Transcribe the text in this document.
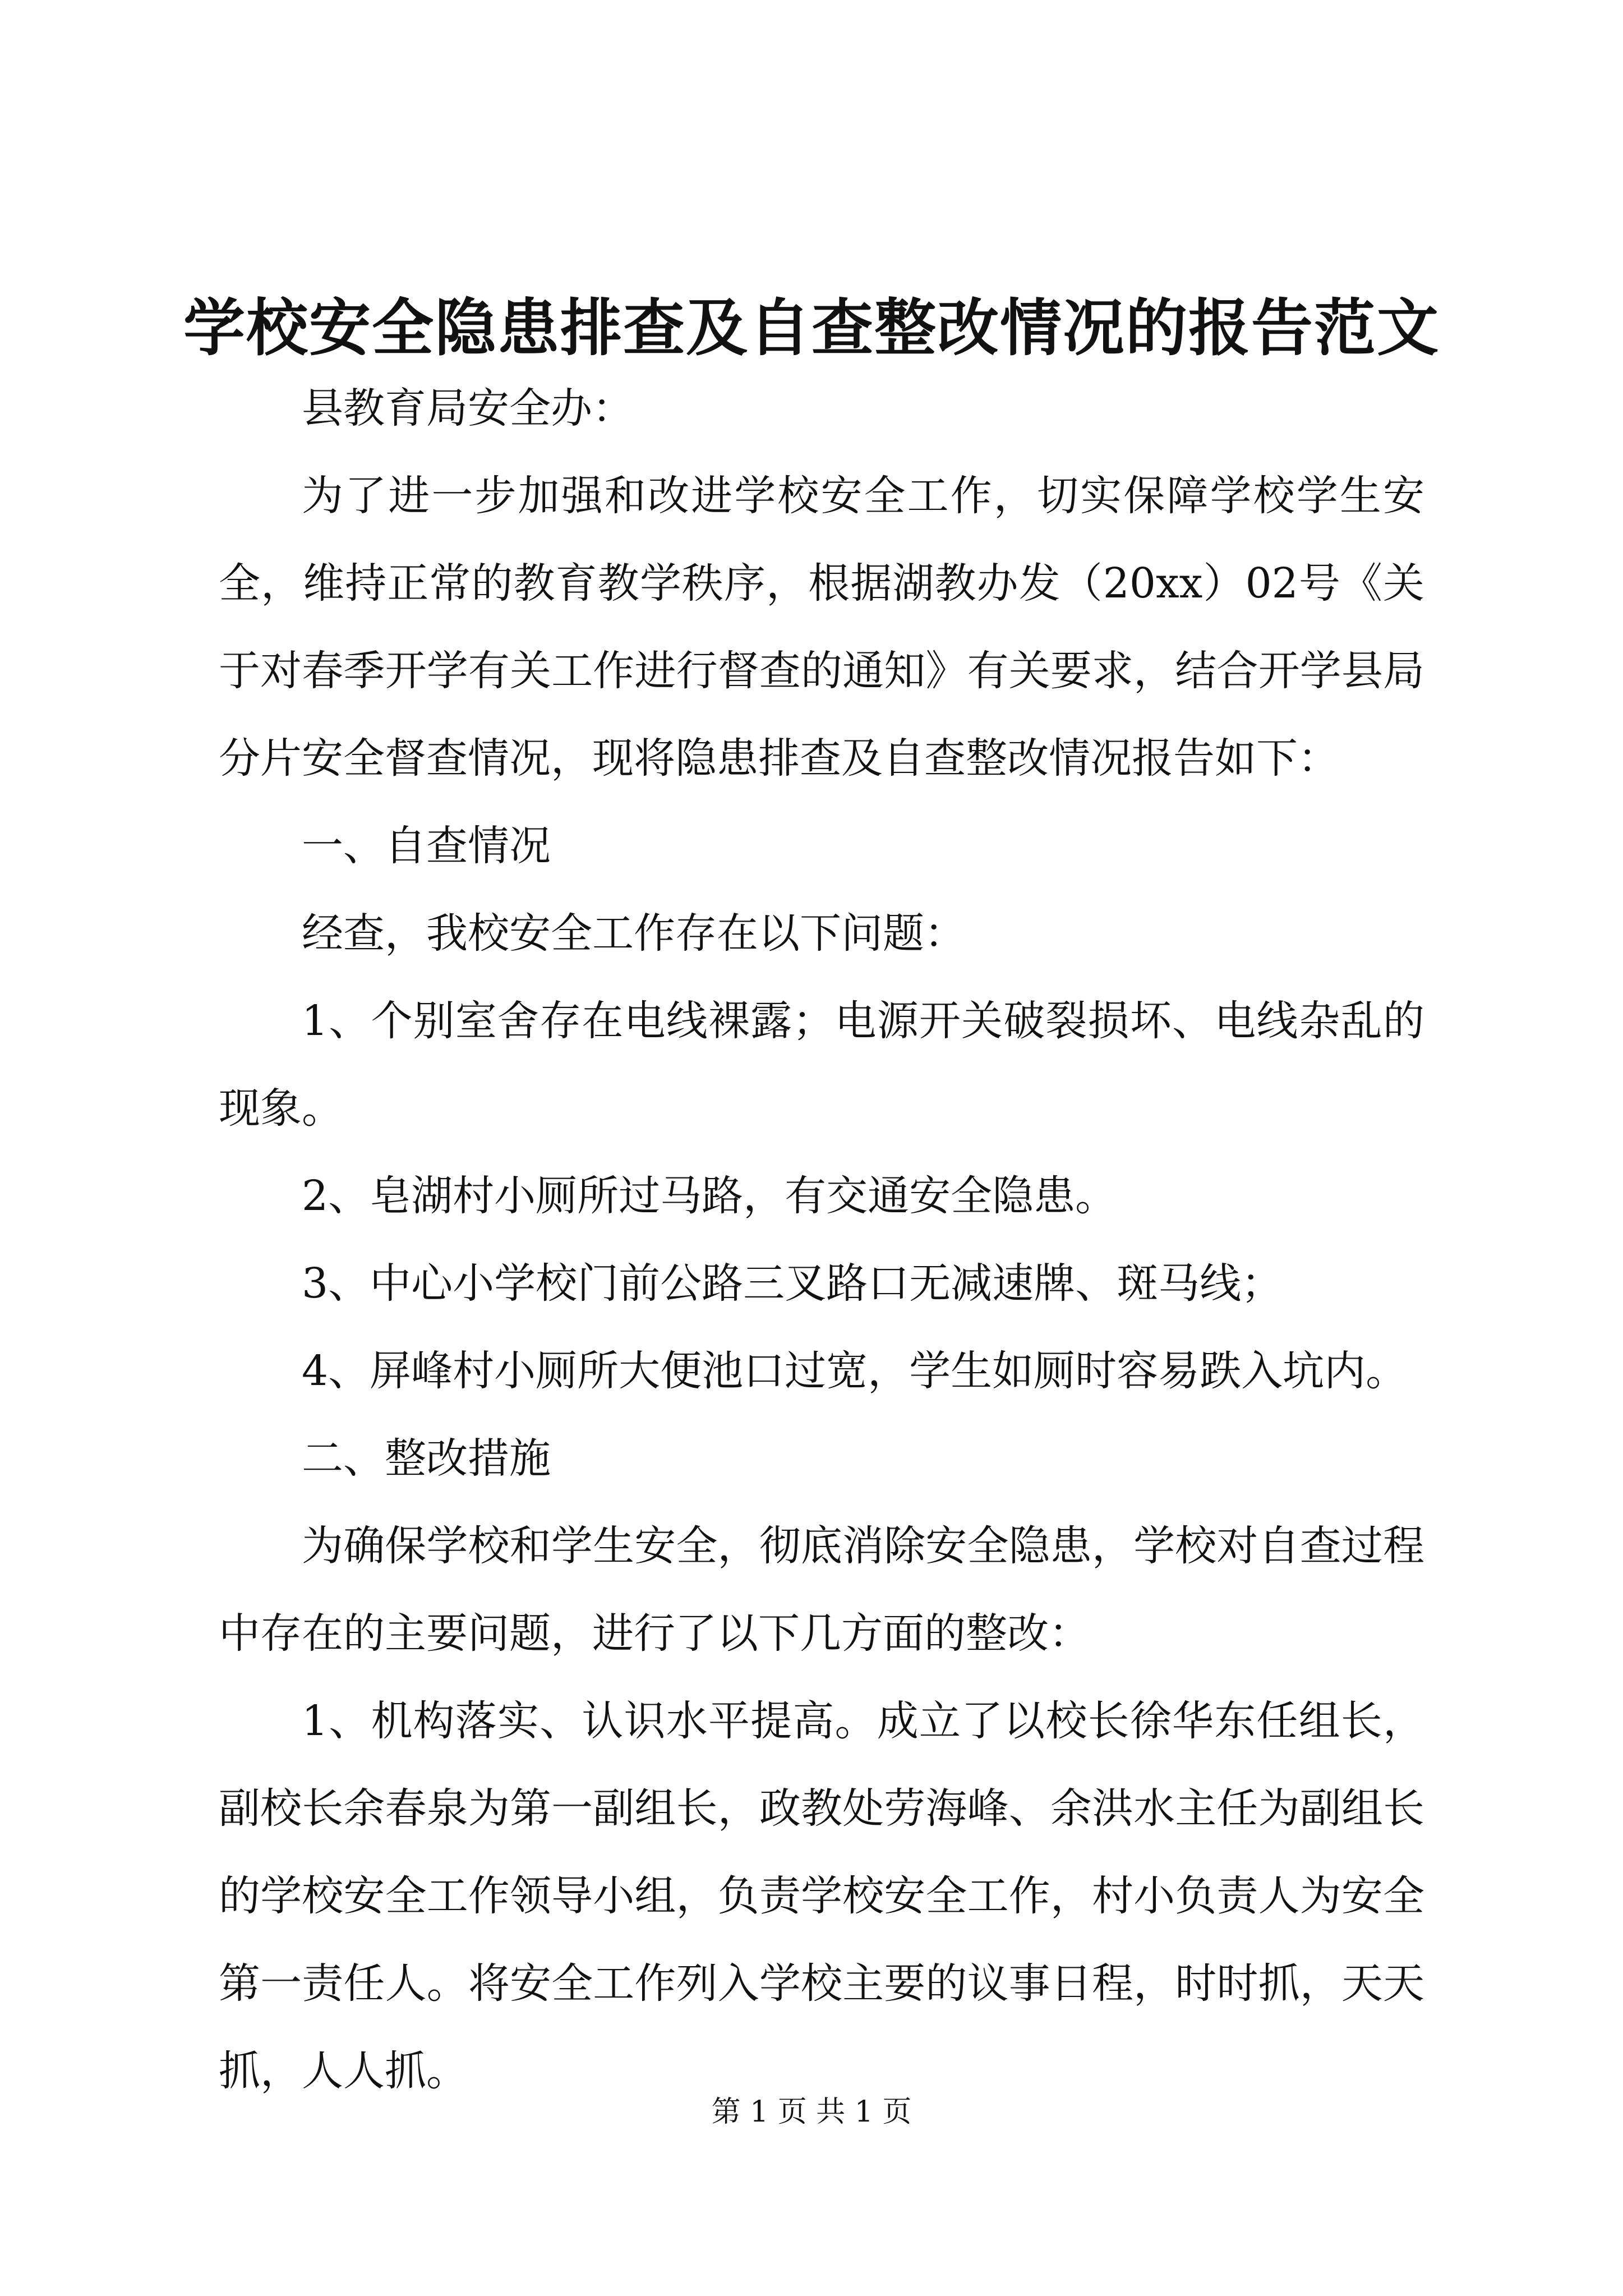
学校安全隐患排查及自查整改情况的报告范文

县教育局安全办：

为了进一步加强和改进学校安全工作，切实保障学校学生安全，维持正常的教育教学秩序，根据湖教办发（20xx）02号《关于对春季开学有关工作进行督查的通知》有关要求，结合开学县局分片安全督查情况，现将隐患排查及自查整改情况报告如下：

一、自查情况

经查，我校安全工作存在以下问题：

1、个别室舍存在电线裸露；电源开关破裂损坏、电线杂乱的现象。

2、皂湖村小厕所过马路，有交通安全隐患。

3、中心小学校门前公路三叉路口无减速牌、斑马线；

4、屏峰村小厕所大便池口过宽，学生如厕时容易跌入坑内。

二、整改措施

为确保学校和学生安全，彻底消除安全隐患，学校对自查过程中存在的主要问题，进行了以下几方面的整改：

1、机构落实、认识水平提高。成立了以校长徐华东任组长，副校长余春泉为第一副组长，政教处劳海峰、余洪水主任为副组长的学校安全工作领导小组，负责学校安全工作，村小负责人为安全第一责任人。将安全工作列入学校主要的议事日程，时时抓，天天抓，人人抓。

第 1 页 共 1 页
